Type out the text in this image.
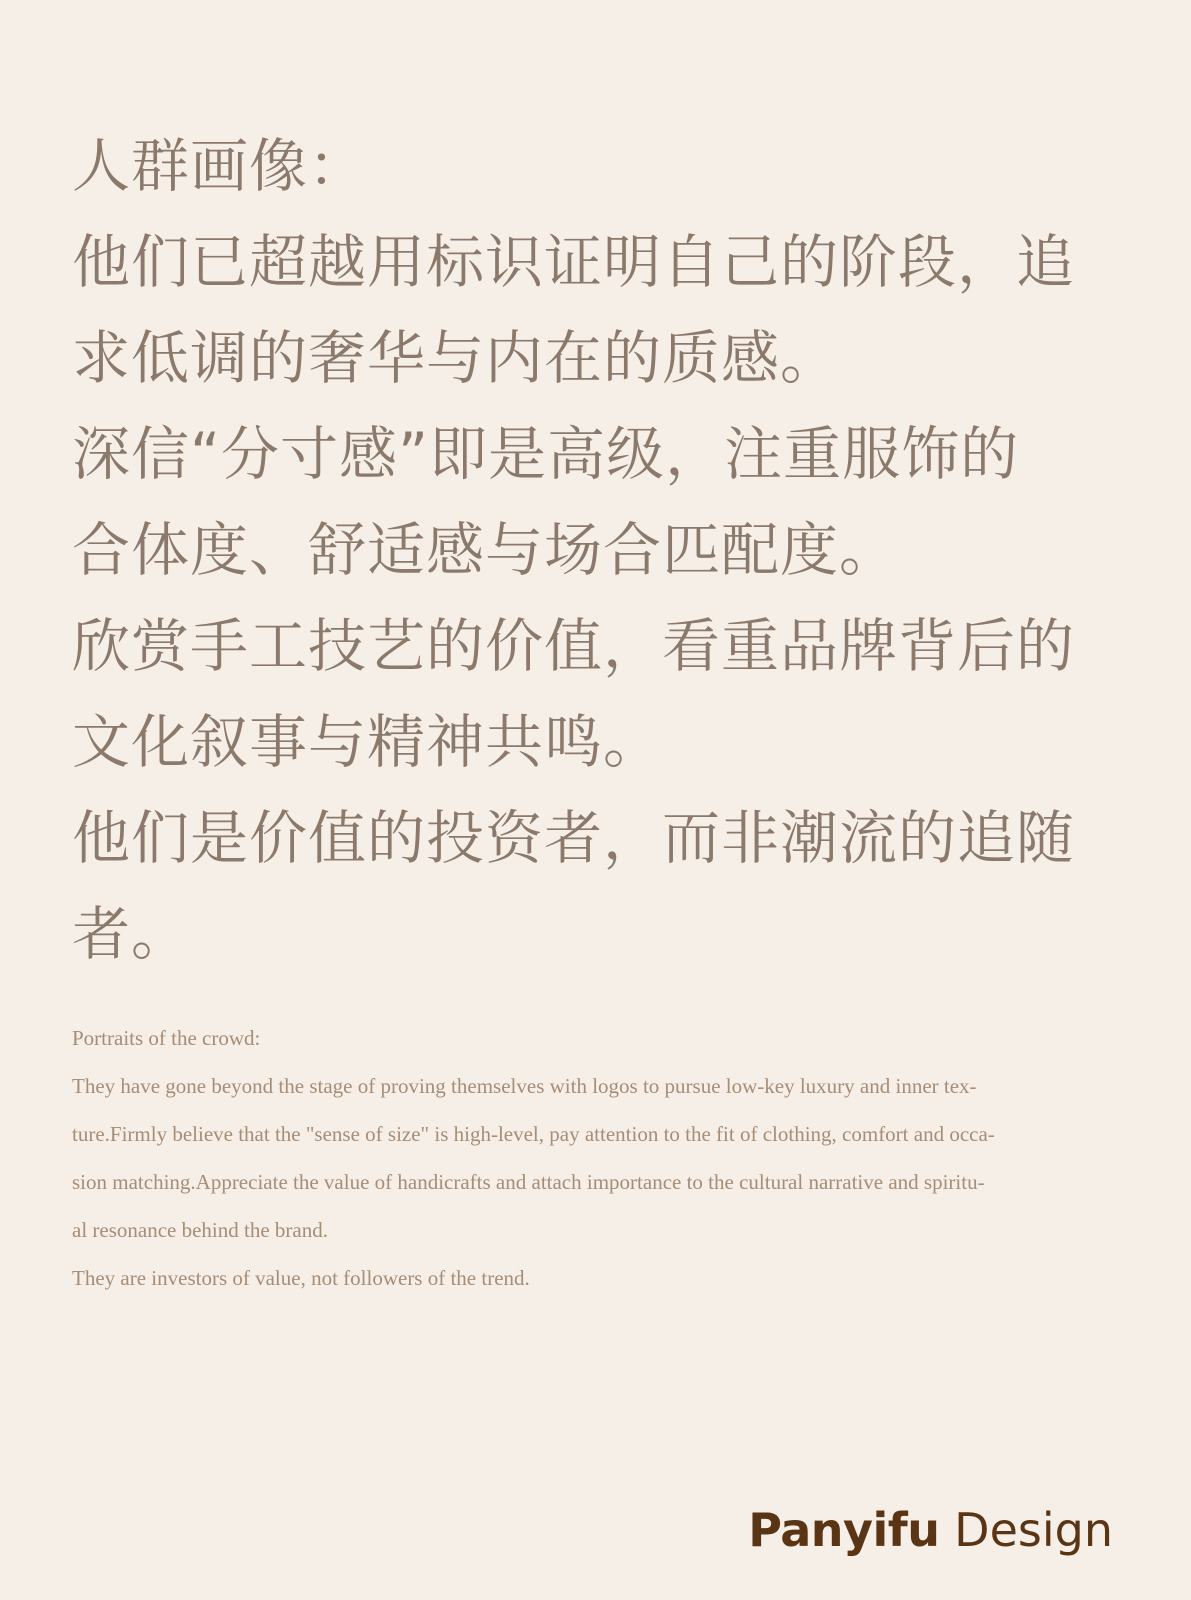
人群画像：
他们已超越用标识证明自己的阶段，追
求低调的奢华与内在的质感。
深信“分寸感”即是高级，注重服饰的
合体度、舒适感与场合匹配度。
欣赏手工技艺的价值，看重品牌背后的
文化叙事与精神共鸣。
他们是价值的投资者，而非潮流的追随
者。
Portraits of the crowd:
They have gone beyond the stage of proving themselves with logos to pursue low-key luxury and inner tex-
ture.Firmly believe that the "sense of size" is high-level, pay attention to the fit of clothing, comfort and occa-
sion matching.Appreciate the value of handicrafts and attach importance to the cultural narrative and spiritu-
al resonance behind the brand.
They are investors of value, not followers of the trend.
Panyifu Design
